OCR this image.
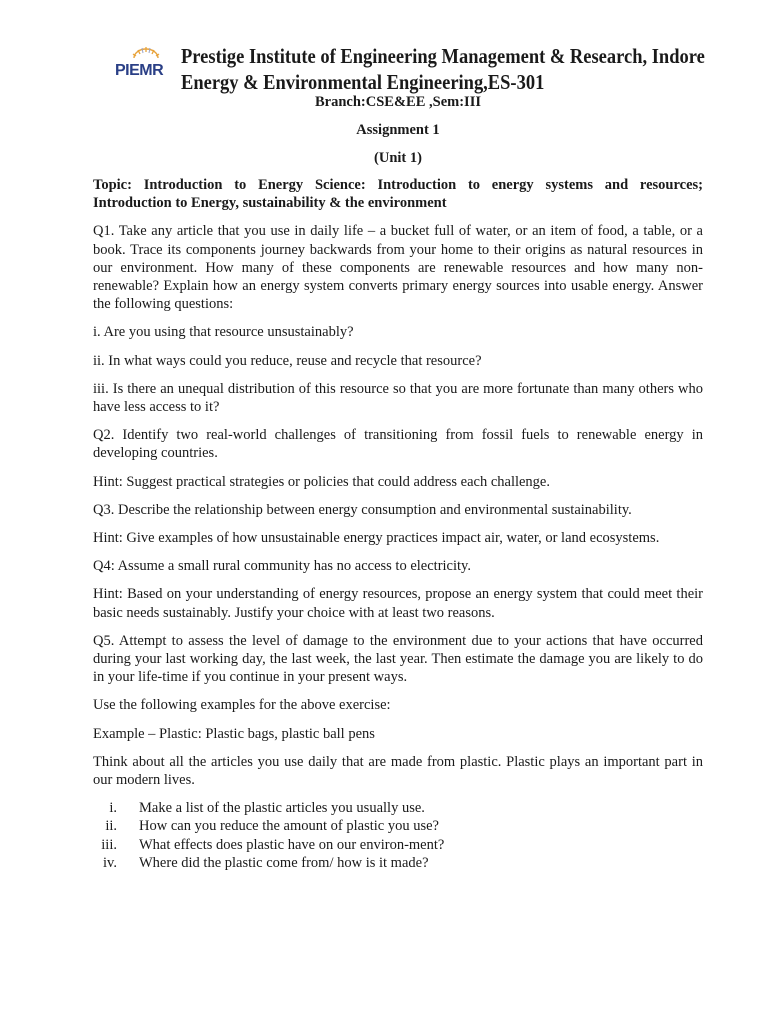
PIEMR
Prestige Institute of Engineering Management & Research, Indore
Energy & Environmental Engineering,ES-301
Branch:CSE&EE ,Sem:III
Assignment 1
(Unit 1)

Topic: Introduction to Energy Science: Introduction to energy systems and resources; Introduction to Energy, sustainability & the environment

Q1. Take any article that you use in daily life – a bucket full of water, or an item of food, a table, or a book. Trace its components journey backwards from your home to their origins as natural resources in our environment. How many of these components are renewable resources and how many non-renewable? Explain how an energy system converts primary energy sources into usable energy. Answer the following questions:

i. Are you using that resource unsustainably?

ii. In what ways could you reduce, reuse and recycle that resource?

iii. Is there an unequal distribution of this resource so that you are more fortunate than many others who have less access to it?

Q2. Identify two real-world challenges of transitioning from fossil fuels to renewable energy in developing countries.

Hint: Suggest practical strategies or policies that could address each challenge.

Q3. Describe the relationship between energy consumption and environmental sustainability.

Hint: Give examples of how unsustainable energy practices impact air, water, or land ecosystems.

Q4: Assume a small rural community has no access to electricity.

Hint: Based on your understanding of energy resources, propose an energy system that could meet their basic needs sustainably. Justify your choice with at least two reasons.

Q5. Attempt to assess the level of damage to the environment due to your actions that have occurred during your last working day, the last week, the last year. Then estimate the damage you are likely to do in your life-time if you continue in your present ways.

Use the following examples for the above exercise:

Example – Plastic: Plastic bags, plastic ball pens

Think about all the articles you use daily that are made from plastic. Plastic plays an important part in our modern lives.

i. Make a list of the plastic articles you usually use.
ii. How can you reduce the amount of plastic you use?
iii. What effects does plastic have on our environ-ment?
iv. Where did the plastic come from/ how is it made?
